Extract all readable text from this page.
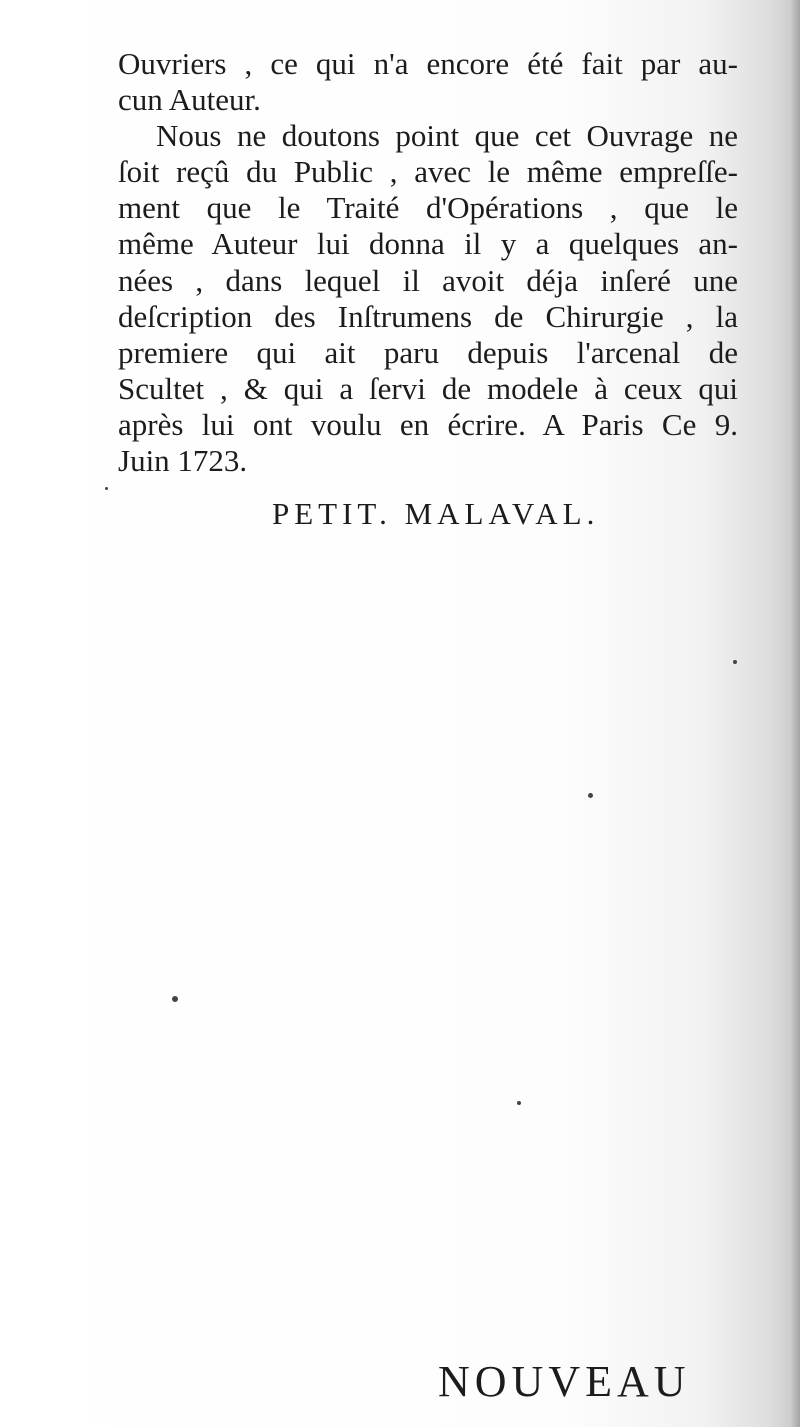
Ouvriers , ce qui n'a encore été fait par au-
cun Auteur.
Nous ne doutons point que cet Ouvrage ne
ſoit reçû du Public , avec le même empreſſe-
ment que le Traité d'Opérations , que le
même Auteur lui donna il y a quelques an-
nées , dans lequel il avoit déja inſeré une
deſcription des Inſtrumens de Chirurgie , la
premiere qui ait paru depuis l'arcenal de
Scultet , & qui a ſervi de modele à ceux qui
après lui ont voulu en écrire. A Paris Ce 9.
Juin 1723.
PETIT. MALAVAL.
NOUVEAU
